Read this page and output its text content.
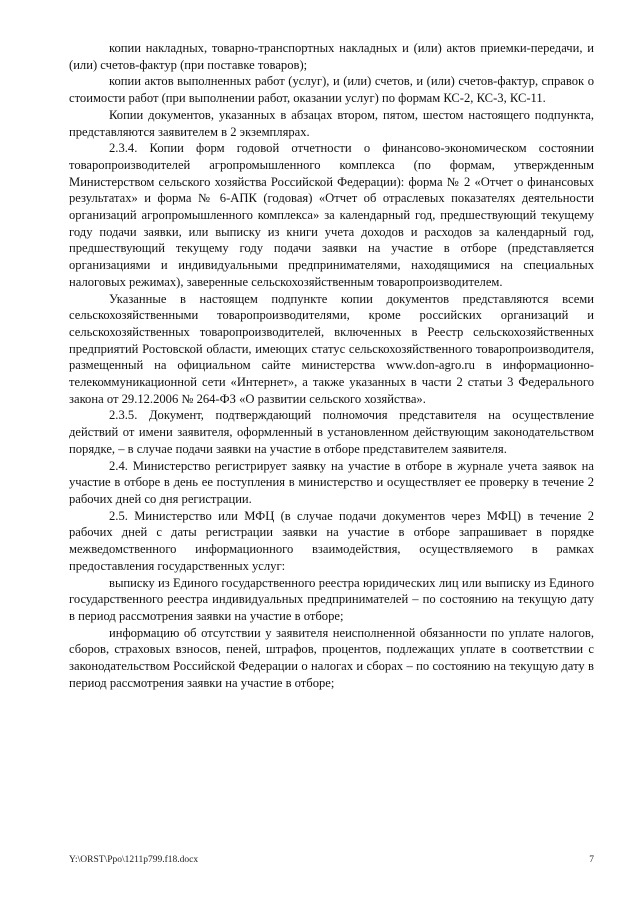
копии накладных, товарно-транспортных накладных и (или) актов приемки-передачи, и (или) счетов-фактур (при поставке товаров);

копии актов выполненных работ (услуг), и (или) счетов, и (или) счетов-фактур, справок о стоимости работ (при выполнении работ, оказании услуг) по формам КС-2, КС-3, КС-11.

Копии документов, указанных в абзацах втором, пятом, шестом настоящего подпункта, представляются заявителем в 2 экземплярах.

2.3.4. Копии форм годовой отчетности о финансово-экономическом состоянии товаропроизводителей агропромышленного комплекса (по формам, утвержденным Министерством сельского хозяйства Российской Федерации): форма № 2 «Отчет о финансовых результатах» и форма № 6-АПК (годовая) «Отчет об отраслевых показателях деятельности организаций агропромышленного комплекса» за календарный год, предшествующий текущему году подачи заявки, или выписку из книги учета доходов и расходов за календарный год, предшествующий текущему году подачи заявки на участие в отборе (представляется организациями и индивидуальными предпринимателями, находящимися на специальных налоговых режимах), заверенные сельскохозяйственным товаропроизводителем.

Указанные в настоящем подпункте копии документов представляются всеми сельскохозяйственными товаропроизводителями, кроме российских организаций и сельскохозяйственных товаропроизводителей, включенных в Реестр сельскохозяйственных предприятий Ростовской области, имеющих статус сельскохозяйственного товаропроизводителя, размещенный на официальном сайте министерства www.don-agro.ru в информационно-телекоммуникационной сети «Интернет», а также указанных в части 2 статьи 3 Федерального закона от 29.12.2006 № 264-ФЗ «О развитии сельского хозяйства».

2.3.5. Документ, подтверждающий полномочия представителя на осуществление действий от имени заявителя, оформленный в установленном действующим законодательством порядке, – в случае подачи заявки на участие в отборе представителем заявителя.

2.4. Министерство регистрирует заявку на участие в отборе в журнале учета заявок на участие в отборе в день ее поступления в министерство и осуществляет ее проверку в течение 2 рабочих дней со дня регистрации.

2.5. Министерство или МФЦ (в случае подачи документов через МФЦ) в течение 2 рабочих дней с даты регистрации заявки на участие в отборе запрашивает в порядке межведомственного информационного взаимодействия, осуществляемого в рамках предоставления государственных услуг:

выписку из Единого государственного реестра юридических лиц или выписку из Единого государственного реестра индивидуальных предпринимателей – по состоянию на текущую дату в период рассмотрения заявки на участие в отборе;

информацию об отсутствии у заявителя неисполненной обязанности по уплате налогов, сборов, страховых взносов, пеней, штрафов, процентов, подлежащих уплате в соответствии с законодательством Российской Федерации о налогах и сборах – по состоянию на текущую дату в период рассмотрения заявки на участие в отборе;

Y:\ORST\Ppo\1211p799.f18.docx	7
